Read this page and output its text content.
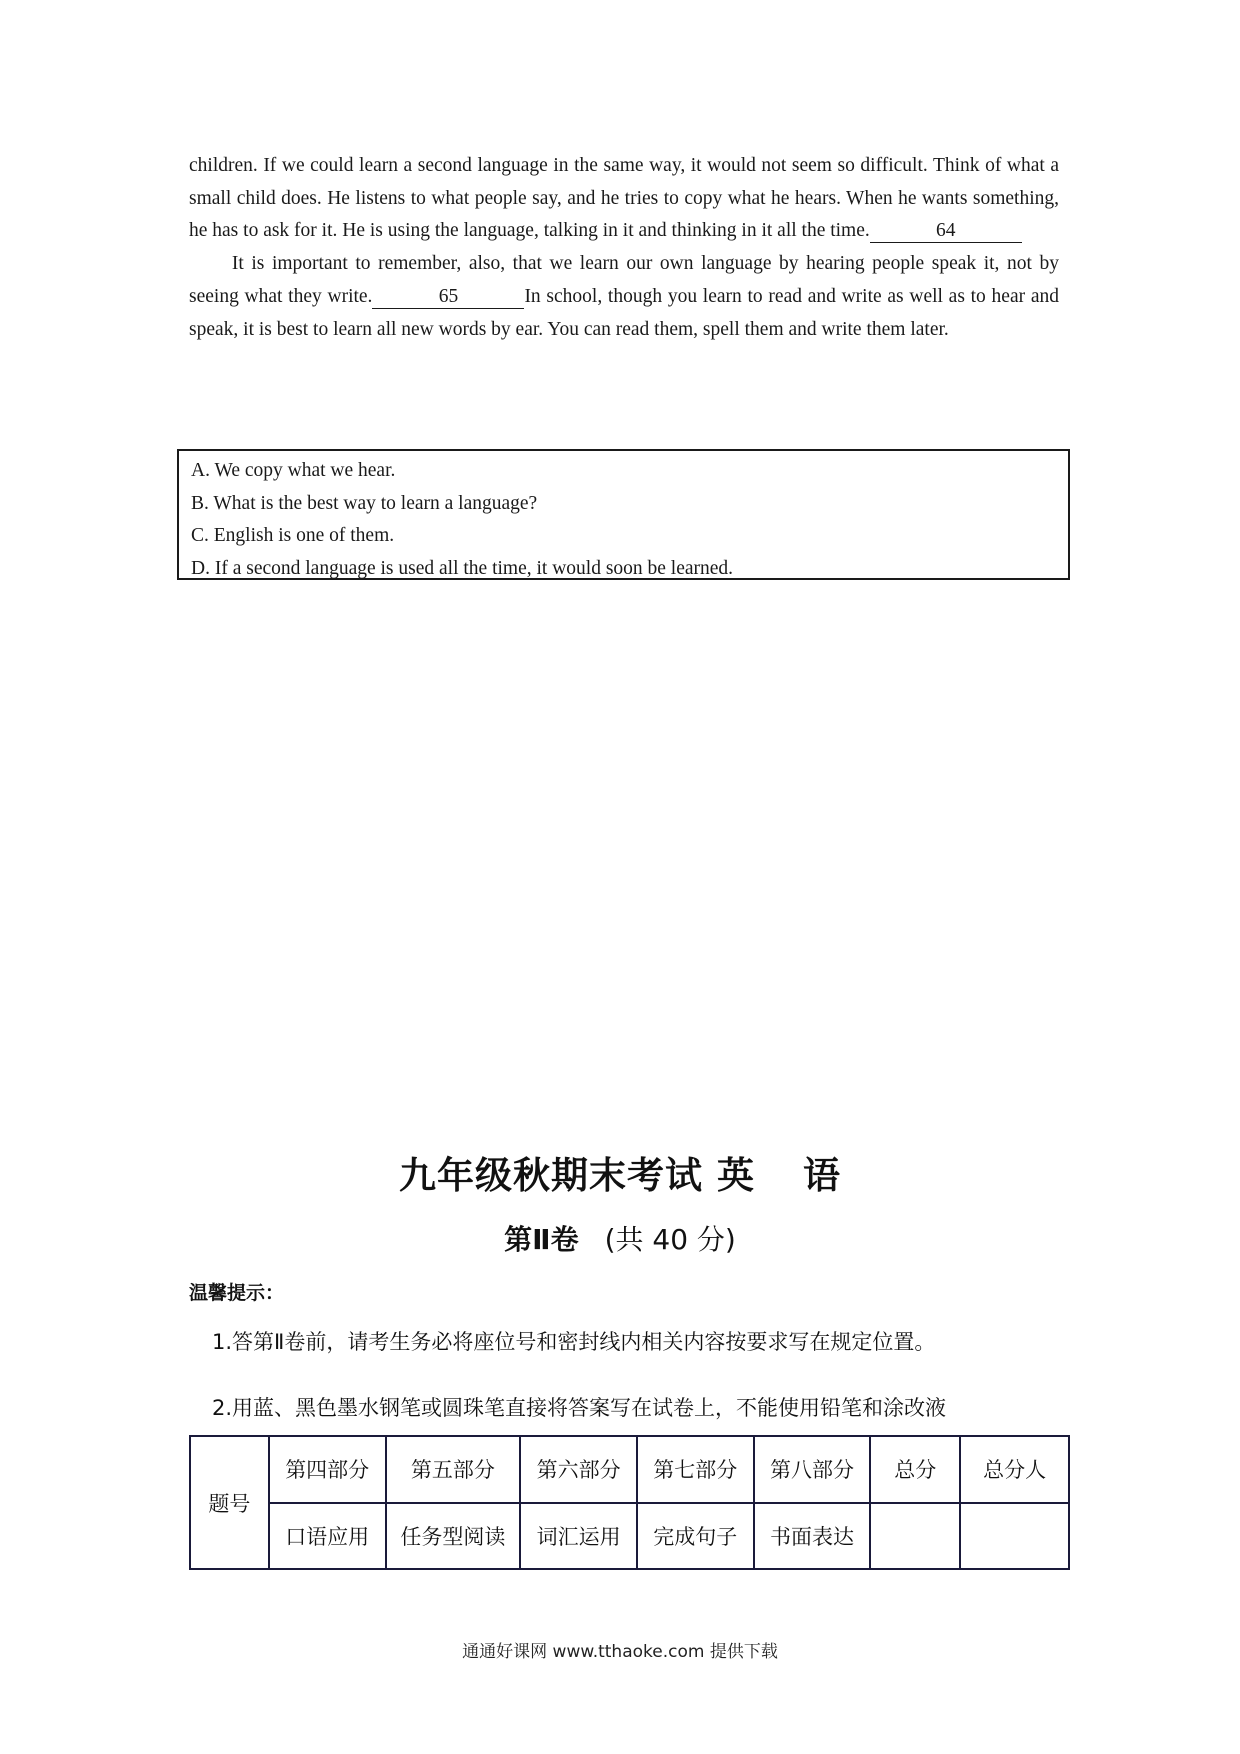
children. If we could learn a second language in the same way, it would not seem so difficult. Think of what a small child does. He listens to what people say, and he tries to copy what he hears. When he wants something, he has to ask for it. He is using the language, talking in it and thinking in it all the time.	64

It is important to remember, also, that we learn our own language by hearing people speak it, not by seeing what they write.	65	In school, though you learn to read and write as well as to hear and speak, it is best to learn all new words by ear. You can read them, spell them and write them later.

A. We copy what we hear.
B. What is the best way to learn a language?
C. English is one of them.
D. If a second language is used all the time, it would soon be learned.
九年级秋期末考试 英 语
第Ⅱ卷 (共 40 分)
温馨提示：
1.答第Ⅱ卷前，请考生务必将座位号和密封线内相关内容按要求写在规定位置。
2.用蓝、黑色墨水钢笔或圆珠笔直接将答案写在试卷上，不能使用铅笔和涂改液
题号	第四部分	第五部分	第六部分	第七部分	第八部分	总分	总分人
	口语应用	任务型阅读	词汇运用	完成句子	书面表达		
通通好课网 www.tthaoke.com 提供下载
